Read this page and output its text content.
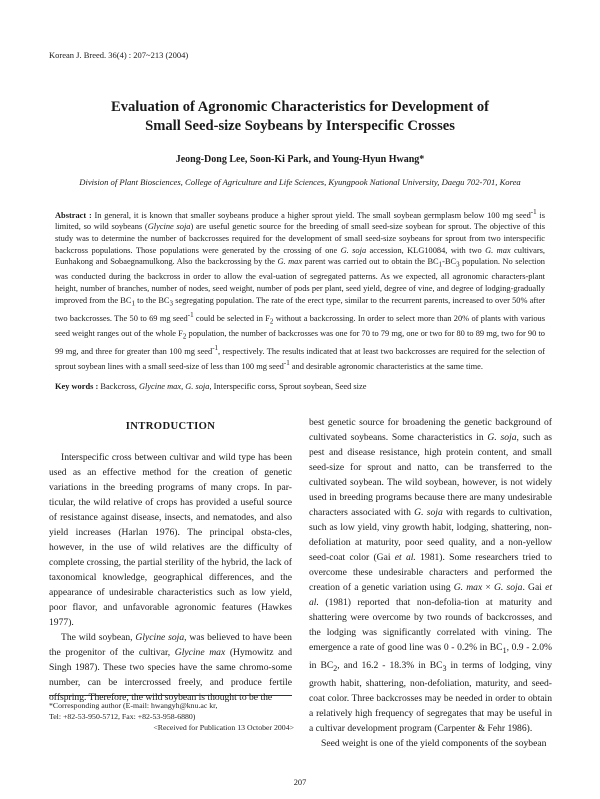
Korean J. Breed. 36(4) : 207~213 (2004)
Evaluation of Agronomic Characteristics for Development of
Small Seed-size Soybeans by Interspecific Crosses
Jeong-Dong Lee, Soon-Ki Park, and Young-Hyun Hwang*
Division of Plant Biosciences, College of Agriculture and Life Sciences, Kyungpook National University, Daegu 702-701, Korea

Abstract : In general, it is known that smaller soybeans produce a higher sprout yield. The small soybean germplasm below 100 mg seed$^{-1}$ is limited, so wild soybeans (Glycine soja) are useful genetic source for the breeding of small seed-size soybean for sprout. The objective of this study was to determine the number of backcrosses required for the development of small seed-size soybeans for sprout from two interspecific backcross populations. Those populations were generated by the crossing of one G. soja accession, KLG10084, with two G. max cultivars, Eunhakong and Sobaegnamulkong. Also the backcrossing by the G. max parent was carried out to obtain the $BC_1-BC_3$ population. No selection was conducted during the backcross in order to allow the eval-uation of segregated patterns. As we expected, all agronomic characters-plant height, number of branches, number of nodes, seed weight, number of pods per plant, seed yield, degree of vine, and degree of lodging-gradually improved from the $BC_1$ to the $BC_3$ segregating population. The rate of the erect type, similar to the recurrent parents, increased to over 50% after two backcrosses. The 50 to 69 mg seed$^{-1}$ could be selected in $F_2$ without a backcrossing. In order to select more than 20% of plants with various seed weight ranges out of the whole $F_2$ population, the number of backcrosses was one for 70 to 79 mg, one or two for 80 to 89 mg, two for 90 to 99 mg, and three for greater than 100 mg seed$^{-1}$, respectively. The results indicated that at least two backcrosses are required for the selection of sprout soybean lines with a small seed-size of less than 100 mg seed$^{-1}$ and desirable agronomic characteristics at the same time.

Key words : Backcross, Glycine max, G. soja, Interspecific corss, Sprout soybean, Seed size
INTRODUCTION

Interspecific cross between cultivar and wild type has been used as an effective method for the creation of genetic variations in the breeding programs of many crops. In par-ticular, the wild relative of crops has provided a useful source of resistance against disease, insects, and nematodes, and also yield increases (Harlan 1976). The principal obsta-cles, however, in the use of wild relatives are the difficulty of complete crossing, the partial sterility of the hybrid, the lack of taxonomical knowledge, geographical differences, and the appearance of undesirable characteristics such as low yield, poor flavor, and unfavorable agronomic features (Hawkes 1977).

The wild soybean, Glycine soja, was believed to have been the progenitor of the cultivar, Glycine max (Hymowitz and Singh 1987). These two species have the same chromo-some number, can be intercrossed freely, and produce fertile offspring. Therefore, the wild soybean is thought to be the

best genetic source for broadening the genetic background of cultivated soybeans. Some characteristics in G. soja, such as pest and disease resistance, high protein content, and small seed-size for sprout and natto, can be transferred to the cultivated soybean. The wild soybean, however, is not widely used in breeding programs because there are many undesirable characters associated with G. soja with regards to cultivation, such as low yield, viny growth habit, lodging, shattering, non-defoliation at maturity, poor seed quality, and a non-yellow seed-coat color (Gai et al. 1981). Some researchers tried to overcome these undesirable characters and performed the creation of a genetic variation using G. max × G. soja. Gai et al. (1981) reported that non-defolia-tion at maturity and shattering were overcome by two rounds of backcrosses, and the lodging was significantly correlated with vining. The emergence a rate of good line was 0 - 0.2% in $BC_1$, 0.9 - 2.0% in $BC_2$, and 16.2 - 18.3% in $BC_3$ in terms of lodging, viny growth habit, shattering, non-defoliation, maturity, and seed-coat color. Three backcrosses may be needed in order to obtain a relatively high frequency of segregates that may be useful in a cultivar development program (Carpenter & Fehr 1986).

Seed weight is one of the yield components of the soybean

*Corresponding author (E-mail: hwangyh@knu.ac kr,
Tel: +82-53-950-5712, Fax: +82-53-958-6880)
<Received for Publication 13 October 2004>
207
